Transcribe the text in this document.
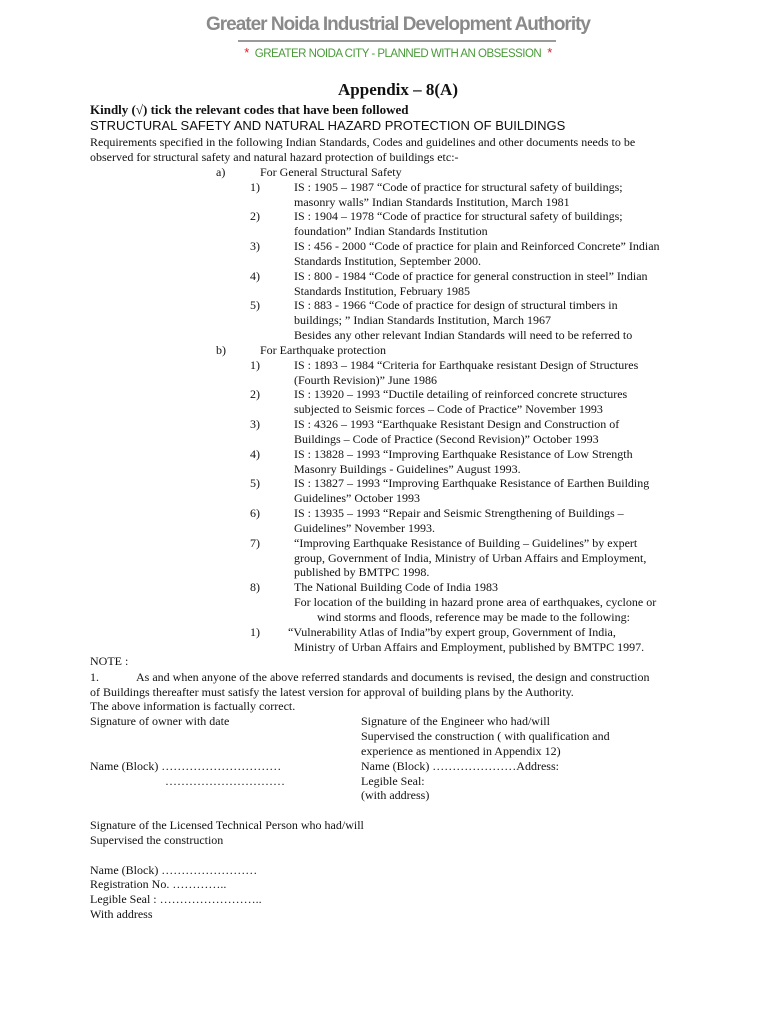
Greater Noida Industrial Development Authority
* GREATER NOIDA CITY - PLANNED WITH AN OBSESSION *
Appendix – 8(A)
Kindly (√) tick the relevant codes that have been followed
STRUCTURAL SAFETY AND NATURAL HAZARD PROTECTION OF BUILDINGS
Requirements specified in the following Indian Standards, Codes and guidelines and other documents needs to be
observed for structural safety and natural hazard protection of buildings etc:-
a)	For General Structural Safety
1)	IS : 1905 – 1987 “Code of practice for structural safety of buildings;
masonry walls” Indian Standards Institution, March 1981
2)	IS : 1904 – 1978 “Code of practice for structural safety of buildings;
foundation” Indian Standards Institution
3)	IS : 456 - 2000 “Code of practice for plain and Reinforced Concrete” Indian
Standards Institution, September 2000.
4)	IS : 800 - 1984 “Code of practice for general construction in steel” Indian
Standards Institution, February 1985
5)	IS : 883 - 1966 “Code of practice for design of structural timbers in
buildings; ” Indian Standards Institution, March 1967
Besides any other relevant Indian Standards will need to be referred to
b)	For Earthquake protection
1)	IS : 1893 – 1984 “Criteria for Earthquake resistant Design of Structures
(Fourth Revision)” June 1986
2)	IS : 13920 – 1993 “Ductile detailing of reinforced concrete structures
subjected to Seismic forces – Code of Practice” November 1993
3)	IS : 4326 – 1993 “Earthquake Resistant Design and Construction of
Buildings – Code of Practice (Second Revision)” October 1993
4)	IS : 13828 – 1993 “Improving Earthquake Resistance of Low Strength
Masonry Buildings - Guidelines” August 1993.
5)	IS : 13827 – 1993 “Improving Earthquake Resistance of Earthen Building
Guidelines” October 1993
6)	IS : 13935 – 1993 “Repair and Seismic Strengthening of Buildings –
Guidelines” November 1993.
7)	“Improving Earthquake Resistance of Building – Guidelines” by expert
group, Government of India, Ministry of Urban Affairs and Employment,
published by BMTPC 1998.
8)	The National Building Code of India 1983
For location of the building in hazard prone area of earthquakes, cyclone or
wind storms and floods, reference may be made to the following:
1) “Vulnerability Atlas of India”by expert group, Government of India,
Ministry of Urban Affairs and Employment, published by BMTPC 1997.
NOTE :
1.	As and when anyone of the above referred standards and documents is revised, the design and construction
of Buildings thereafter must satisfy the latest version for approval of building plans by the Authority.
The above information is factually correct.
Signature of owner with date
Name (Block) …………………………
…………………………
Signature of the Engineer who had/will
Supervised the construction ( with qualification and
experience as mentioned in Appendix 12)
Name (Block) …………………Address:
Legible Seal:
(with address)
Signature of the Licensed Technical Person who had/will
Supervised the construction
Name (Block) ……………………
Registration No. …………..
Legible Seal : ……………………..
With address
